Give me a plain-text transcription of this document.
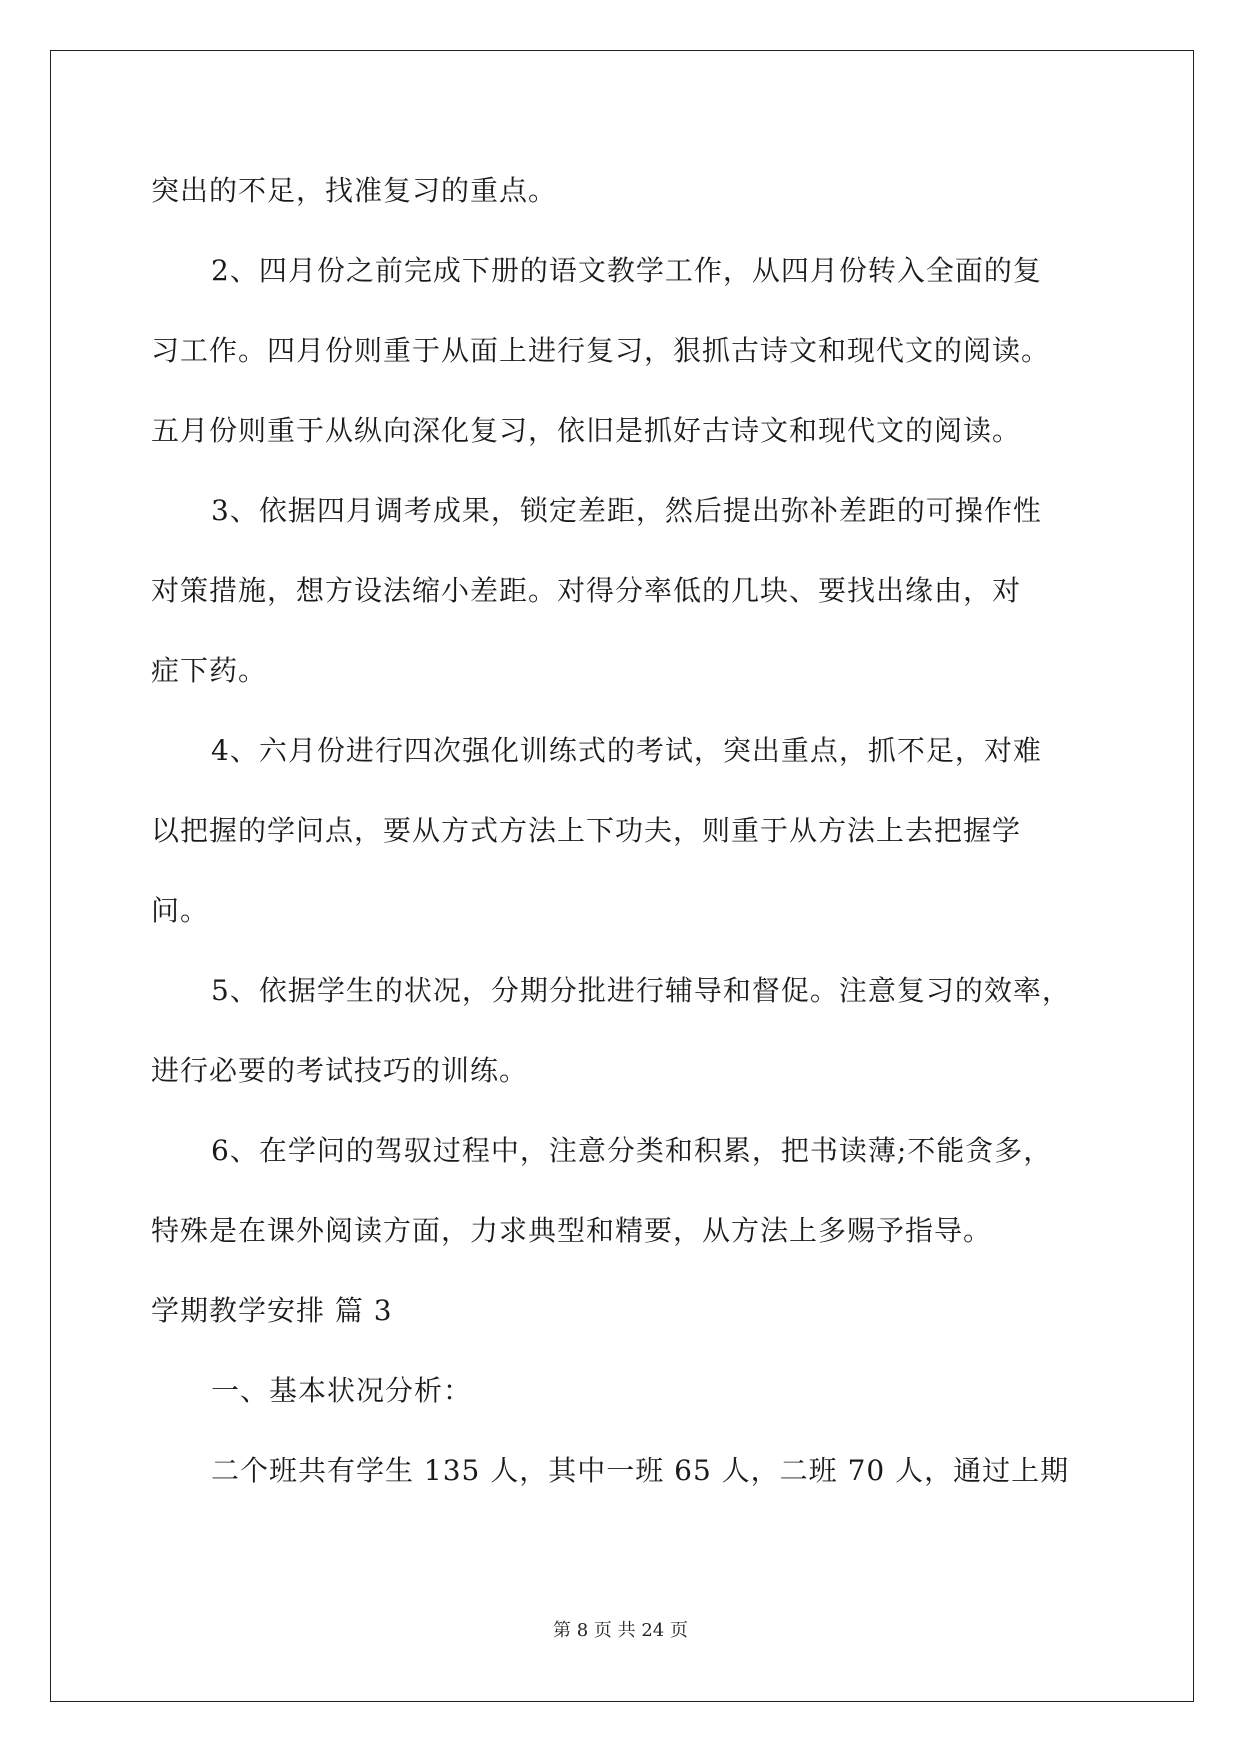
突出的不足，找准复习的重点。

2、四月份之前完成下册的语文教学工作，从四月份转入全面的复

习工作。四月份则重于从面上进行复习，狠抓古诗文和现代文的阅读。

五月份则重于从纵向深化复习，依旧是抓好古诗文和现代文的阅读。

3、依据四月调考成果，锁定差距，然后提出弥补差距的可操作性

对策措施，想方设法缩小差距。对得分率低的几块、要找出缘由，对

症下药。

4、六月份进行四次强化训练式的考试，突出重点，抓不足，对难

以把握的学问点，要从方式方法上下功夫，则重于从方法上去把握学

问。

5、依据学生的状况，分期分批进行辅导和督促。注意复习的效率，

进行必要的考试技巧的训练。

6、在学问的驾驭过程中，注意分类和积累，把书读薄;不能贪多，

特殊是在课外阅读方面，力求典型和精要，从方法上多赐予指导。

学期教学安排 篇 3

一、基本状况分析：

二个班共有学生 135 人，其中一班 65 人，二班 70 人，通过上期

第 8 页 共 24 页
